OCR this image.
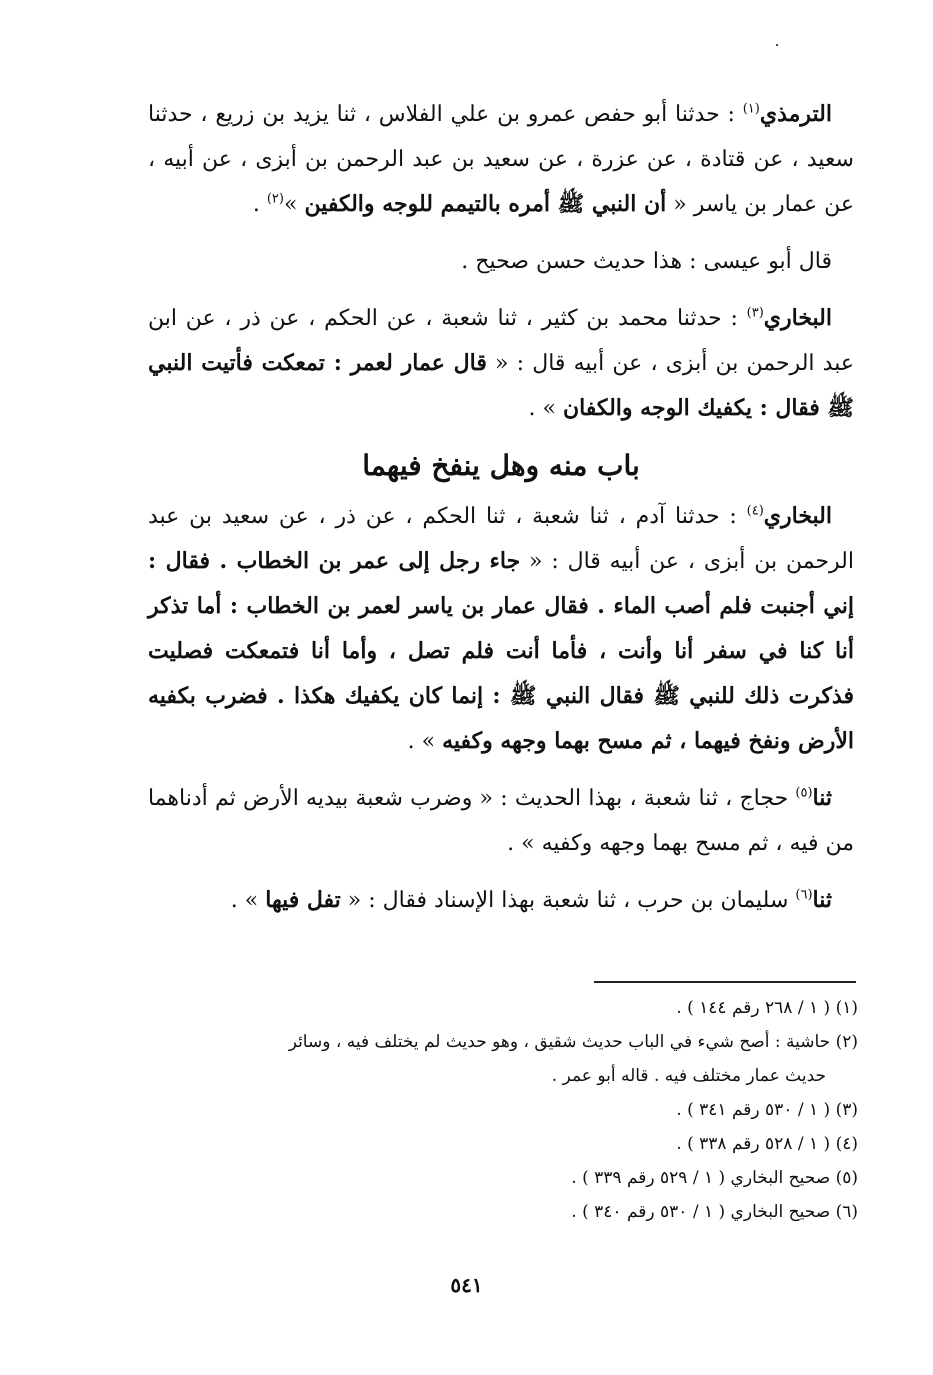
الترمذي$^{(١)}$ : حدثنا أبو حفص عمرو بن علي الفلاس ، ثنا يزيد بن زريع ، حدثنا سعيد ، عن قتادة ، عن عزرة ، عن سعيد بن عبد الرحمن بن أبزى ، عن أبيه ، عن عمار بن ياسر « أن النبي ﷺ أمره بالتيمم للوجه والكفين »$^{(٢)}$ .

قال أبو عيسى : هذا حديث حسن صحيح .

البخاري$^{(٣)}$ : حدثنا محمد بن كثير ، ثنا شعبة ، عن الحكم ، عن ذر ، عن ابن عبد الرحمن بن أبزى ، عن أبيه قال : « قال عمار لعمر : تمعكت فأتيت النبي ﷺ فقال : يكفيك الوجه والكفان » .

باب منه وهل ينفخ فيهما

البخاري$^{(٤)}$ : حدثنا آدم ، ثنا شعبة ، ثنا الحكم ، عن ذر ، عن سعيد بن عبد الرحمن بن أبزى ، عن أبيه قال : « جاء رجل إلى عمر بن الخطاب . فقال : إني أجنبت فلم أصب الماء . فقال عمار بن ياسر لعمر بن الخطاب : أما تذكر أنا كنا في سفر أنا وأنت ، فأما أنت فلم تصل ، وأما أنا فتمعكت فصليت فذكرت ذلك للنبي ﷺ فقال النبي ﷺ : إنما كان يكفيك هكذا . فضرب بكفيه الأرض ونفخ فيهما ، ثم مسح بهما وجهه وكفيه » .

ثنا$^{(٥)}$ حجاج ، ثنا شعبة ، بهذا الحديث : « وضرب شعبة بيديه الأرض ثم أدناهما من فيه ، ثم مسح بهما وجهه وكفيه » .

ثنا$^{(٦)}$ سليمان بن حرب ، ثنا شعبة بهذا الإسناد فقال : « تفل فيها » .

(١) ( ١ / ٢٦٨ رقم ١٤٤ ) .

(٢) حاشية : أصح شيء في الباب حديث شقيق ، وهو حديث لم يختلف فيه ، وسائر
حديث عمار مختلف فيه . قاله أبو عمر .

(٣) ( ١ / ٥٣٠ رقم ٣٤١ ) .

(٤) ( ١ / ٥٢٨ رقم ٣٣٨ ) .

(٥) صحيح البخاري ( ١ / ٥٢٩ رقم ٣٣٩ ) .

(٦) صحيح البخاري ( ١ / ٥٣٠ رقم ٣٤٠ ) .

٥٤١
